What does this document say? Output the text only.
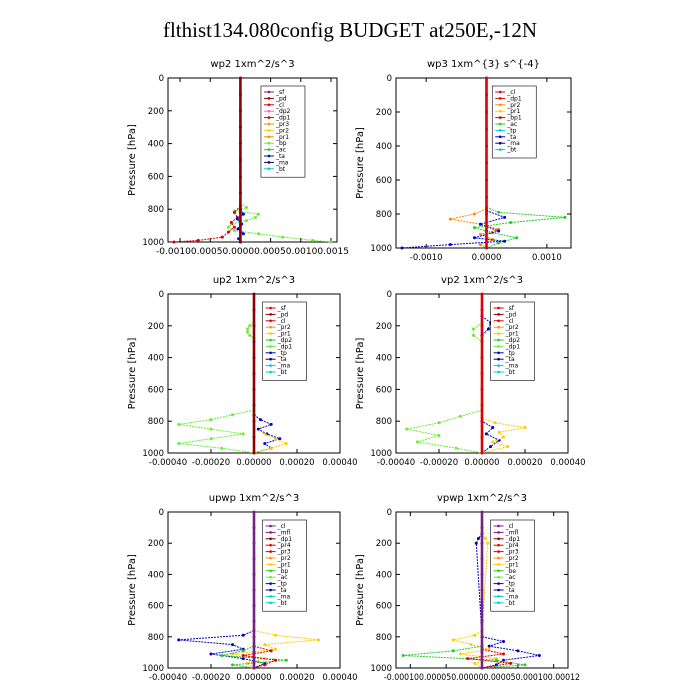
flthist134.080config BUDGET at250E,-12N
wp2 1xm^2/s^3
Pressure [hPa]
0
200
400
600
800
1000
-0.00100.00050.00000.00050.00100.0015
_sf
_pd
_cl
_dp2
_dp1
_pr3
_pr2
_pr1
_bp
_ac
_ta
_ma
_bt
wp3 1xm^{3} s^{-4}
Pressure [hPa]
0
200
400
600
800
1000
-0.0010	0.0000	0.0010
_cl
_dp1
_pr2
_pr1
_bp1
_ac
_tp
_ta
_ma
_bt
up2 1xm^2/s^3
Pressure [hPa]
0
200
400
600
800
1000
-0.00040 -0.00020 0.00000 0.00020 0.00040
_sf
_pd
_cl
_pr2
_pr1
_dp2
_dp1
_tp
_ta
_ma
_bt
vp2 1xm^2/s^3
Pressure [hPa]
0
200
400
600
800
1000
-0.00040 -0.00020 0.00000 0.00020 0.00040
_sf
_pd
_cl
_pr2
_pr1
_dp2
_dp1
_tp
_ta
_ma
_bt
upwp 1xm^2/s^3
Pressure [hPa]
0
200
400
600
800
1000
-0.00040 -0.00020 0.00000 0.00020 0.00040
_cl
_mfl
_dp1
_pr4
_pr3
_pr2
_pr1
_bp
_ac
_tp
_ta
_ma
_bt
vpwp 1xm^2/s^3
Pressure [hPa]
0
200
400
600
800
1000
-0.000100.000050.000000.000050.000100.00012
_cl
_mfl
_dp1
_pr4
_pr3
_pr2
_pr1
_be
_ac
_tp
_ta
_ma
_bt
